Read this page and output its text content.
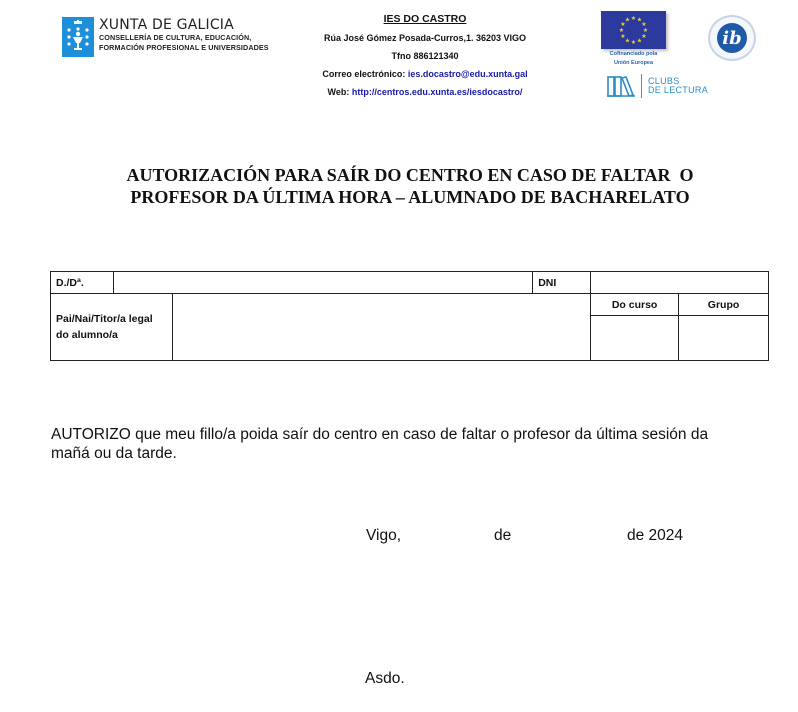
XUNTA DE GALICIA
CONSELLERÍA DE CULTURA, EDUCACIÓN,
FORMACIÓN PROFESIONAL E UNIVERSIDADES
IES DO CASTRO
Rúa José Gómez Posada-Curros,1. 36203 VIGO
Tfno 886121340
Correo electrónico: ies.docastro@edu.xunta.gal
Web: http://centros.edu.xunta.es/iesdocastro/
★ ★
★
★
★
★
★
★
★
★
★
★
Cofinanciado pola
Unión Europea
ib
CLUBS
DE LECTURA
AUTORIZACIÓN PARA SAÍR DO CENTRO EN CASO DE FALTAR  O
PROFESOR DA ÚLTIMA HORA – ALUMNADO DE BACHARELATO
D./Dª.			DNI		
Pai/Nai/Titor/a legal do alumno/a				Do curso	Grupo

AUTORIZO que meu fillo/a poida saír do centro en caso de faltar o profesor da última sesión da mañá ou da tarde.
Vigo,	de	de 2024
Asdo.
